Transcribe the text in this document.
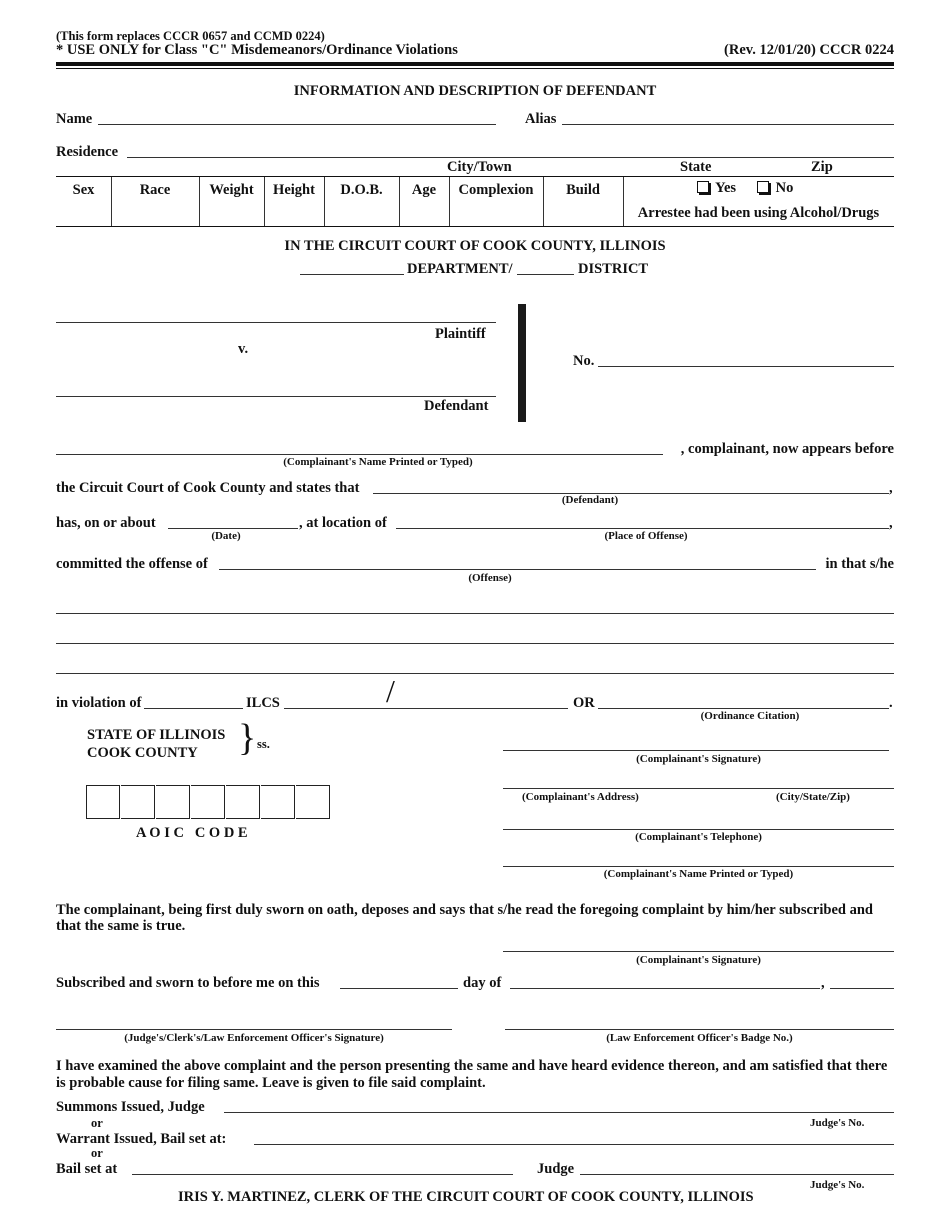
(This form replaces CCCR 0657 and CCMD 0224)
* USE ONLY for Class "C" Misdemeanors/Ordinance Violations	(Rev. 12/01/20) CCCR 0224
INFORMATION AND DESCRIPTION OF DEFENDANT
Name	Alias
Residence
City/Town	State	Zip
Sex	Race	Weight	Height	D.O.B.	Age	Complexion	Build	Yes	No
Arrestee had been using Alcohol/Drugs
IN THE CIRCUIT COURT OF COOK COUNTY, ILLINOIS
DEPARTMENT/	DISTRICT
Plaintiff
v.
Defendant
No.
, complainant, now appears before
(Complainant's Name Printed or Typed)
the Circuit Court of Cook County and states that	,
(Defendant)
has, on or about	, at location of	,
(Date)	(Place of Offense)
committed the offense of	in that s/he
(Offense)
in violation of	ILCS	/	OR	.
(Ordinance Citation)
STATE OF ILLINOIS
COOK COUNTY } ss.
A O I C   C O D E
(Complainant's Signature)
(Complainant's Address)	(City/State/Zip)
(Complainant's Telephone)
(Complainant's Name Printed or Typed)
The complainant, being first duly sworn on oath, deposes and says that s/he read the foregoing complaint by him/her subscribed and that the same is true.
(Complainant's Signature)
Subscribed and sworn to before me on this	day of	,
(Judge's/Clerk's/Law Enforcement Officer's Signature)	(Law Enforcement Officer's Badge No.)
I have examined the above complaint and the person presenting the same and have heard evidence thereon, and am satisfied that there is probable cause for filing same. Leave is given to file said complaint.
Summons Issued, Judge
or	Judge's No.
Warrant Issued, Bail set at:
or
Bail set at	Judge
Judge's No.
IRIS Y. MARTINEZ, CLERK OF THE CIRCUIT COURT OF COOK COUNTY, ILLINOIS
